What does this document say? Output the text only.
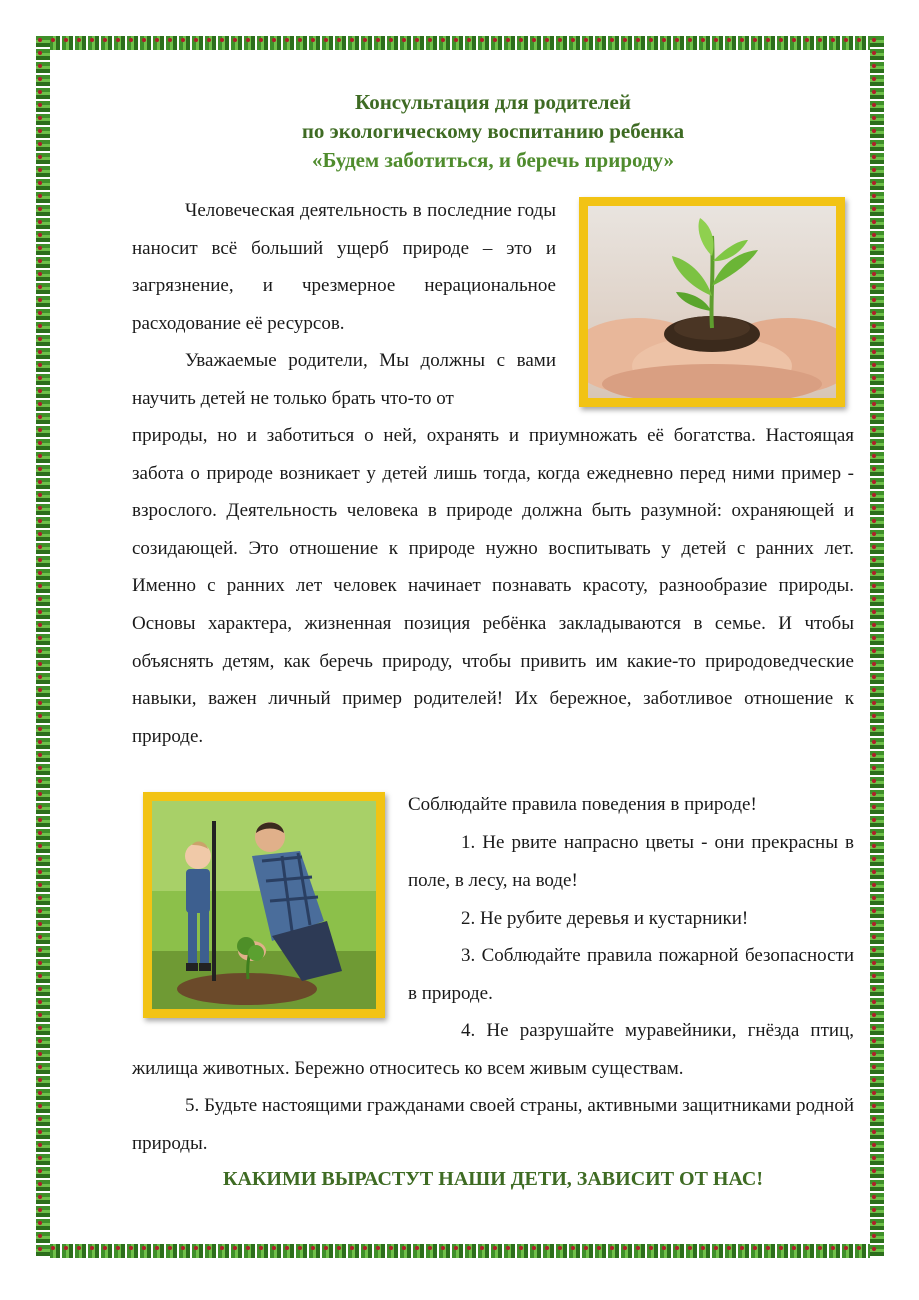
Консультация для родителей
по экологическому воспитанию ребенка
«Будем заботиться, и беречь природу»

Человеческая деятельность в последние годы наносит всё больший ущерб природе – это и загрязнение, и чрезмерное нерациональное расходование её ресурсов.

Уважаемые родители, Мы должны с вами научить детей не только брать что-то от

природы, но и заботиться о ней, охранять и приумножать её богатства. Настоящая забота о природе возникает у детей лишь тогда, когда ежедневно перед ними пример - взрослого. Деятельность человека в природе должна быть разумной: охраняющей и созидающей. Это отношение к природе нужно воспитывать у детей с ранних лет. Именно с ранних лет человек начинает познавать красоту, разнообразие природы. Основы характера, жизненная позиция ребёнка закладываются в семье. И чтобы объяснять детям, как беречь природу, чтобы привить им какие-то природоведческие навыки, важен личный пример родителей! Их бережное, заботливое отношение к природе.

Соблюдайте правила поведения в природе!

1. Не рвите напрасно цветы - они прекрасны в поле, в лесу, на воде!

2. Не рубите деревья и кустарники!

3. Соблюдайте правила пожарной безопасности в природе.

4. Не разрушайте муравейники, гнёзда птиц, жилища животных. Бережно относитесь ко всем живым существам.

5. Будьте настоящими гражданами своей страны, активными защитниками родной природы.

КАКИМИ ВЫРАСТУТ НАШИ ДЕТИ, ЗАВИСИТ ОТ НАС!
